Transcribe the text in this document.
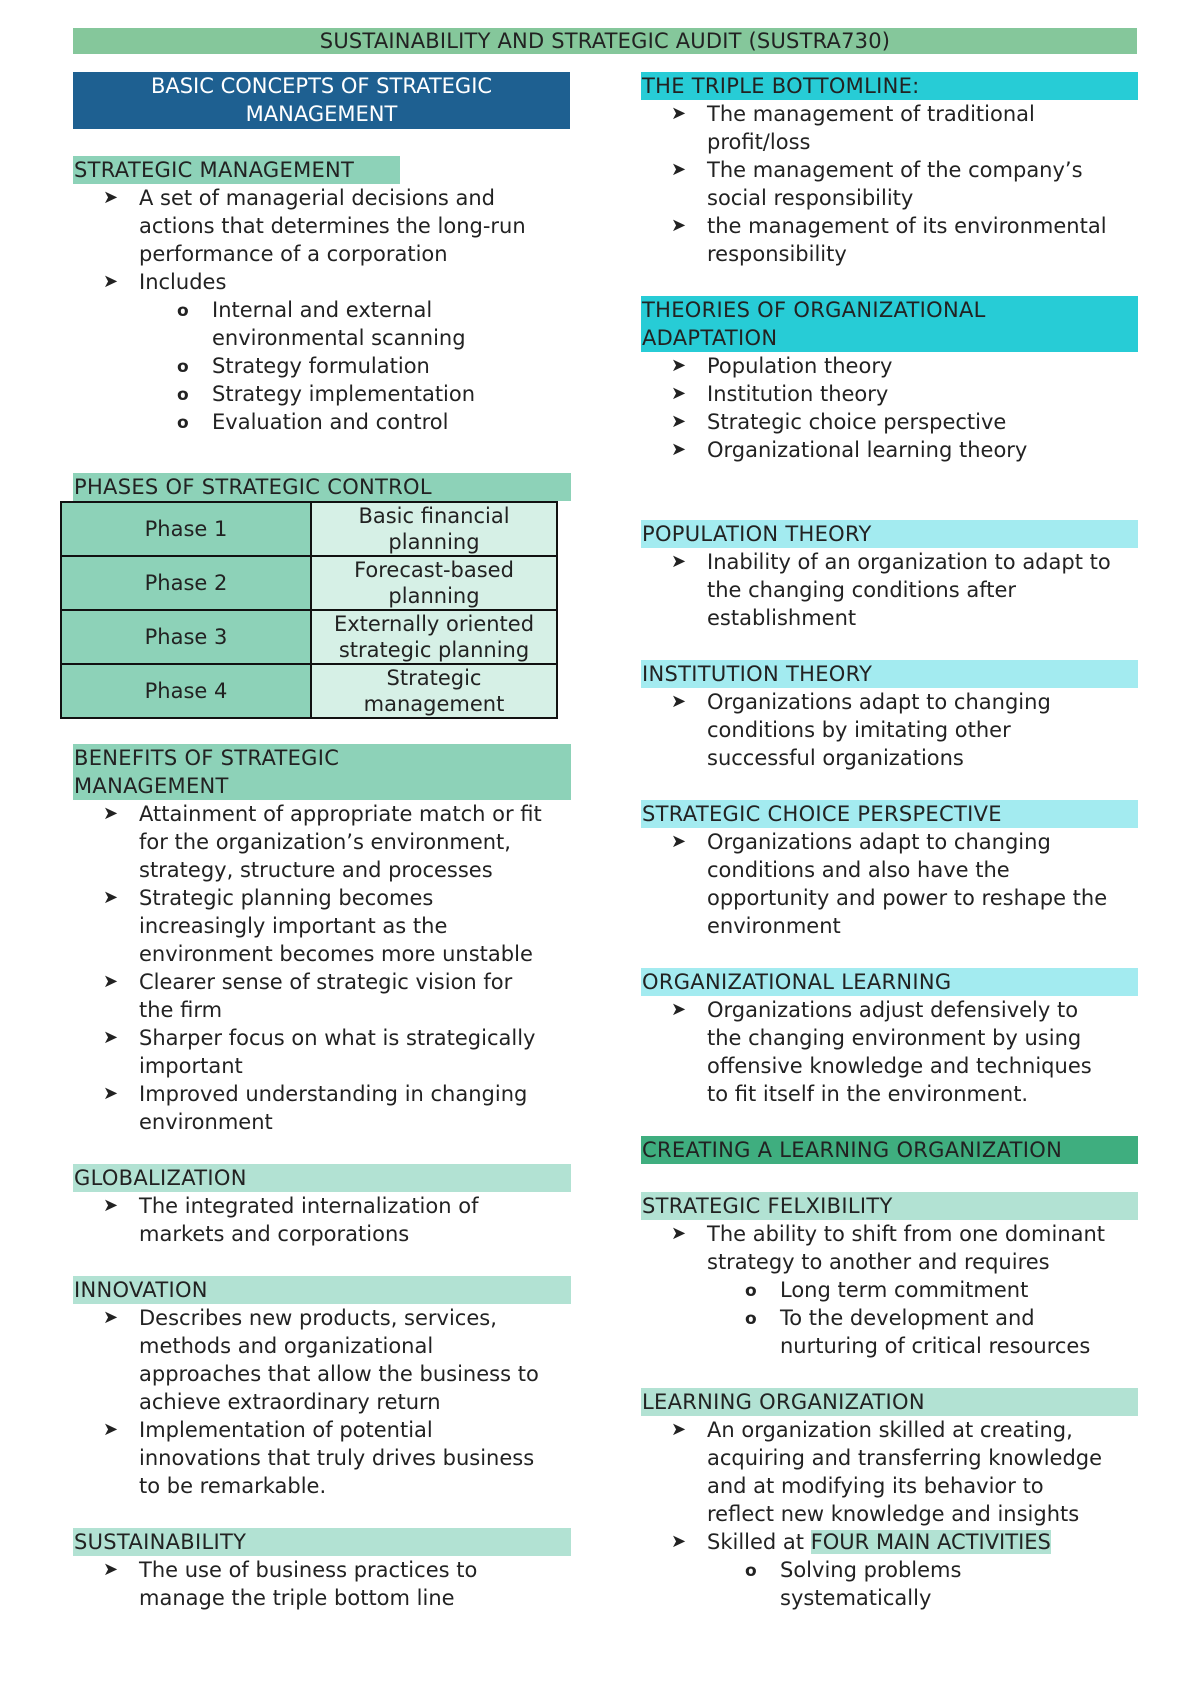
SUSTAINABILITY AND STRATEGIC AUDIT (SUSTRA730)
BASIC CONCEPTS OF STRATEGIC
MANAGEMENT
STRATEGIC MANAGEMENT
➤ A set of managerial decisions and
actions that determines the long-run
performance of a corporation
➤ Includes
o Internal and external
environmental scanning
o Strategy formulation
o Strategy implementation
o Evaluation and control
PHASES OF STRATEGIC CONTROL
Phase 1	Basic financial
planning
Phase 2	Forecast-based
planning
Phase 3	Externally oriented
strategic planning
Phase 4	Strategic
management
BENEFITS OF STRATEGIC
MANAGEMENT
➤ Attainment of appropriate match or fit
for the organization’s environment,
strategy, structure and processes
➤ Strategic planning becomes
increasingly important as the
environment becomes more unstable
➤ Clearer sense of strategic vision for
the firm
➤ Sharper focus on what is strategically
important
➤ Improved understanding in changing
environment
GLOBALIZATION
➤ The integrated internalization of
markets and corporations
INNOVATION
➤ Describes new products, services,
methods and organizational
approaches that allow the business to
achieve extraordinary return
➤ Implementation of potential
innovations that truly drives business
to be remarkable.
SUSTAINABILITY
➤ The use of business practices to
manage the triple bottom line
THE TRIPLE BOTTOMLINE:
➤ The management of traditional
profit/loss
➤ The management of the company’s
social responsibility
➤ the management of its environmental
responsibility
THEORIES OF ORGANIZATIONAL
ADAPTATION
➤ Population theory
➤ Institution theory
➤ Strategic choice perspective
➤ Organizational learning theory
POPULATION THEORY
➤ Inability of an organization to adapt to
the changing conditions after
establishment
INSTITUTION THEORY
➤ Organizations adapt to changing
conditions by imitating other
successful organizations
STRATEGIC CHOICE PERSPECTIVE
➤ Organizations adapt to changing
conditions and also have the
opportunity and power to reshape the
environment
ORGANIZATIONAL LEARNING
➤ Organizations adjust defensively to
the changing environment by using
offensive knowledge and techniques
to fit itself in the environment.
CREATING A LEARNING ORGANIZATION
STRATEGIC FELXIBILITY
➤ The ability to shift from one dominant
strategy to another and requires
o Long term commitment
o To the development and
nurturing of critical resources
LEARNING ORGANIZATION
➤ An organization skilled at creating,
acquiring and transferring knowledge
and at modifying its behavior to
reflect new knowledge and insights
➤ Skilled at FOUR MAIN ACTIVITIES
o Solving problems
systematically
